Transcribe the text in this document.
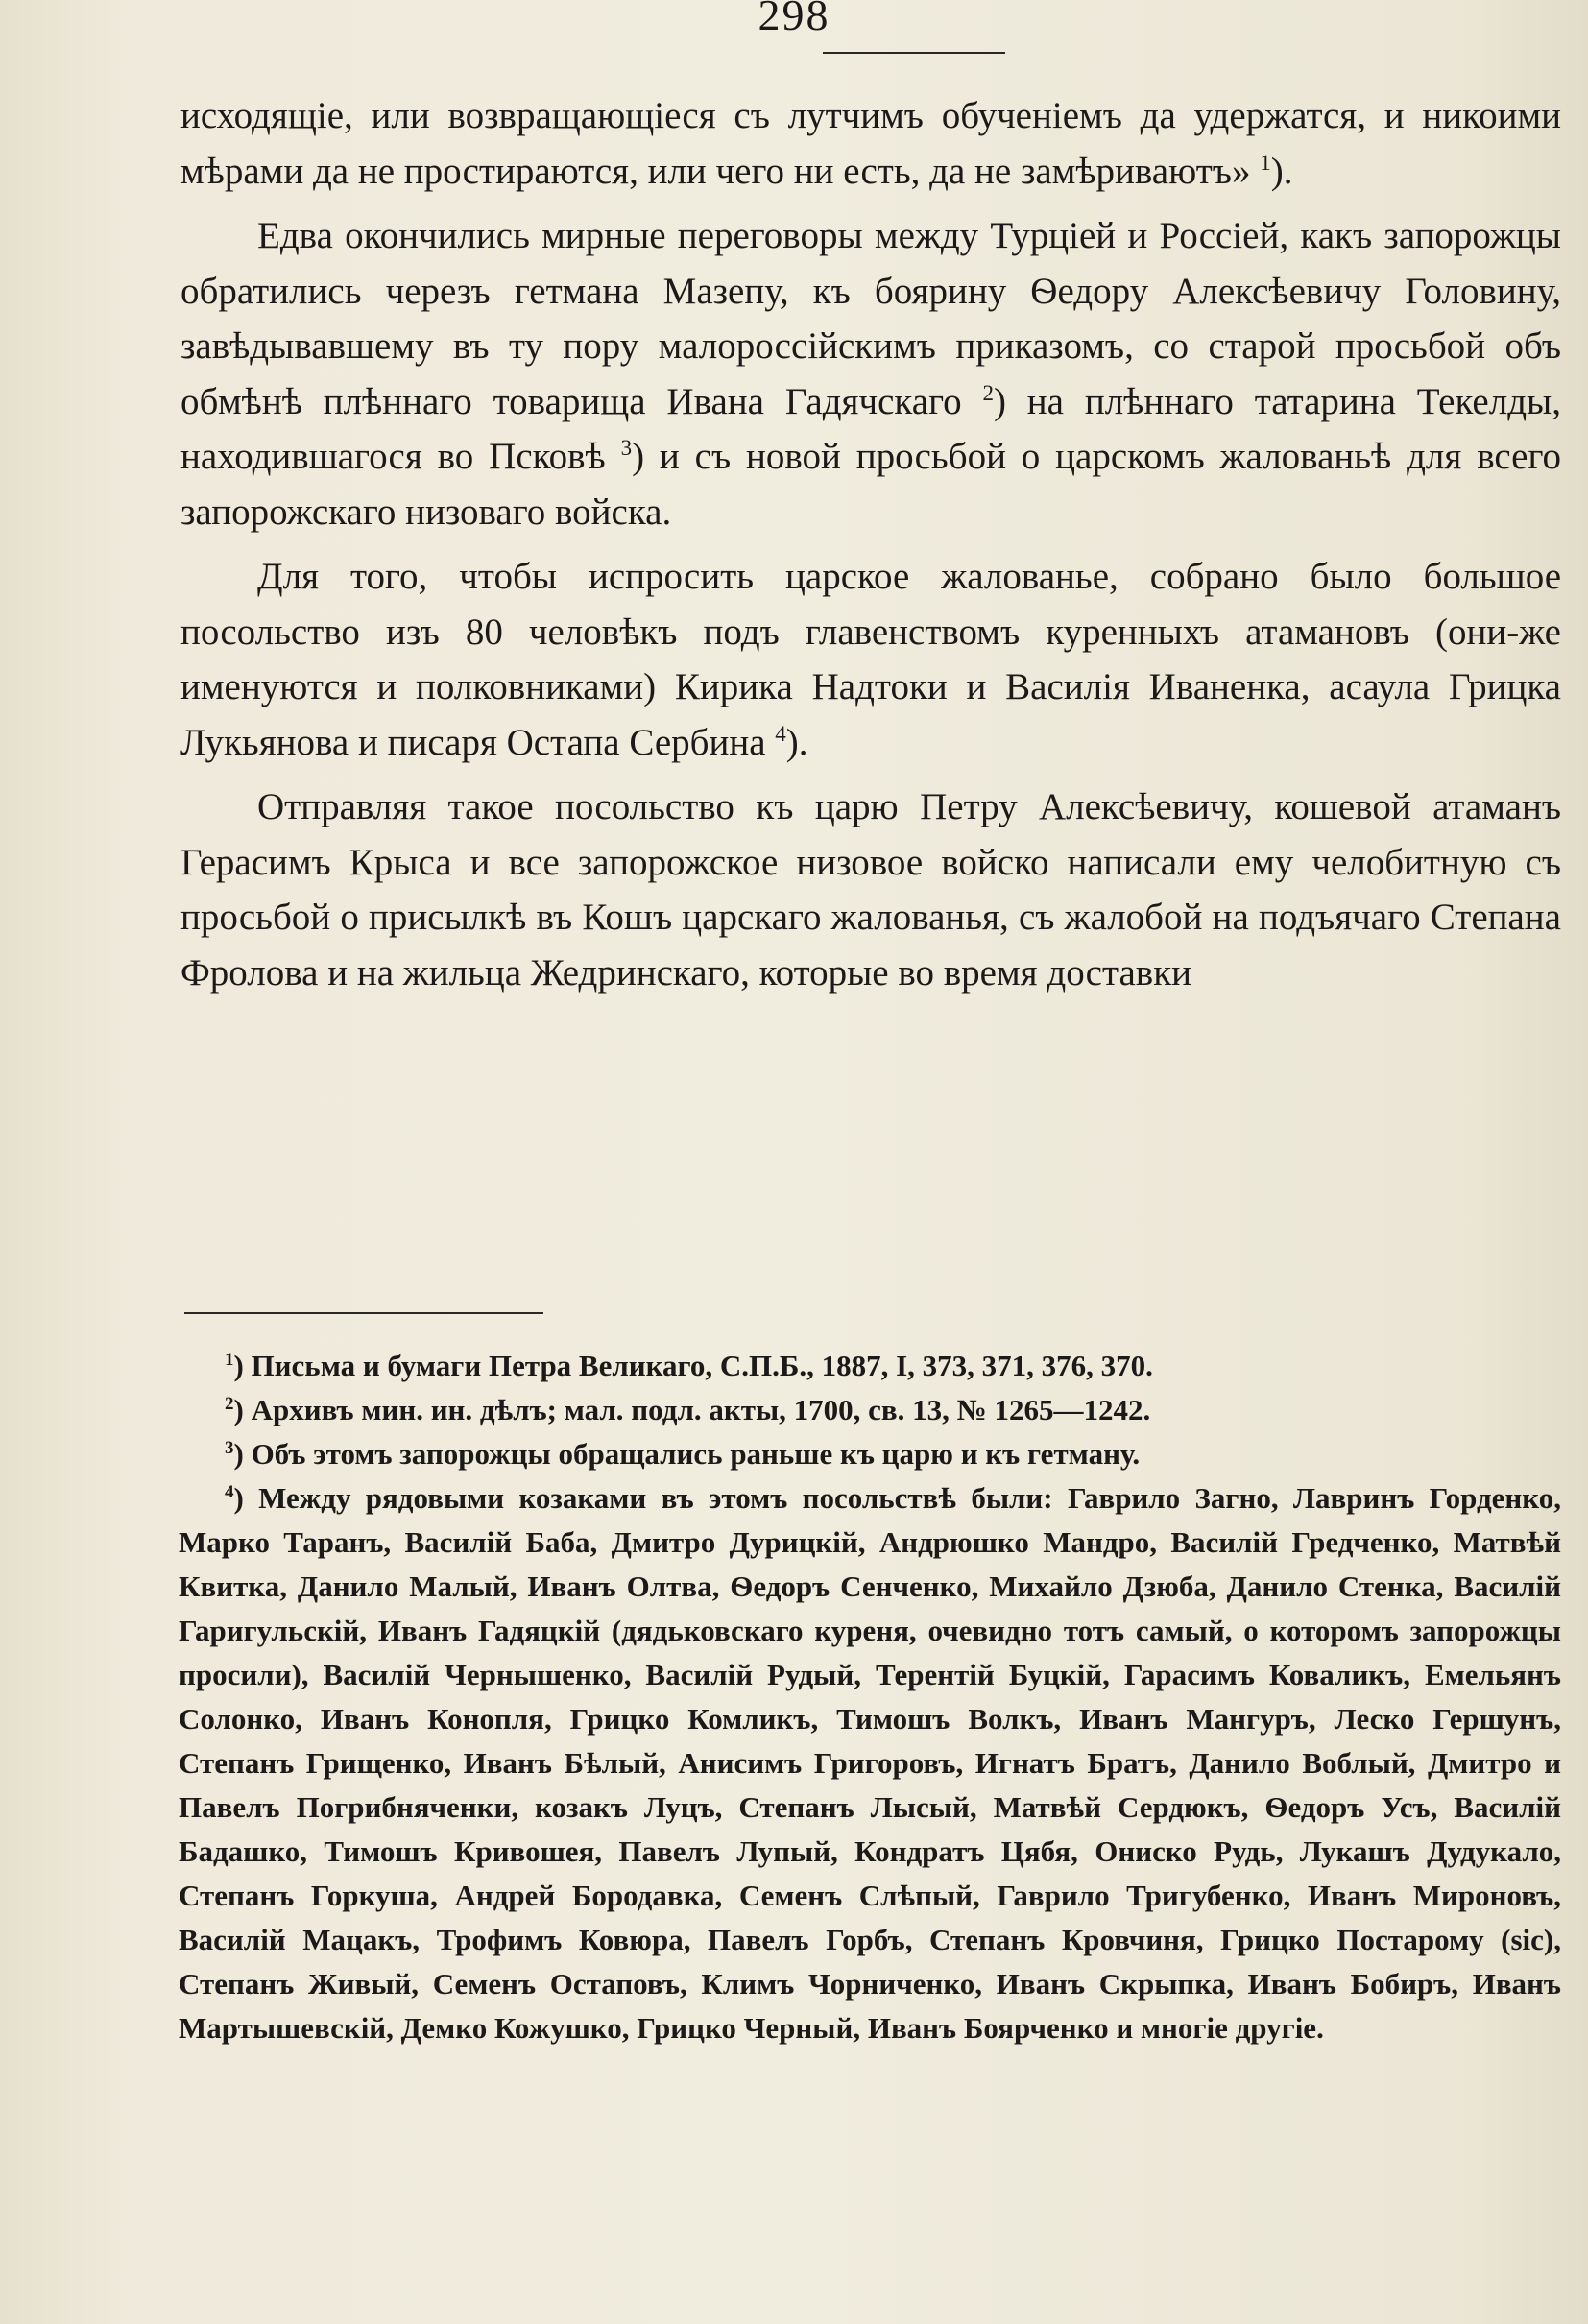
298

исходящіе, или возвращающіеся съ лутчимъ обученіемъ да удержатся, и никоими мѣрами да не простираются, или чего ни есть, да не замѣриваютъ» $^1$).

Едва окончились мирные переговоры между Турціей и Россіей, какъ запорожцы обратились черезъ гетмана Мазепу, къ боярину Ѳедору Алексѣевичу Головину, завѣдывавшему въ ту пору малороссійскимъ приказомъ, со старой просьбой объ обмѣнѣ плѣннаго товарища Ивана Гадячскаго $^2$) на плѣннаго татарина Текелды, находившагося во Псковѣ $^3$) и съ новой просьбой о царскомъ жалованьѣ для всего запорожскаго низоваго войска.

Для того, чтобы испросить царское жалованье, собрано было большое посольство изъ 80 человѣкъ подъ главенствомъ куренныхъ атамановъ (они-же именуются и полковниками) Кирика Надтоки и Василія Иваненка, асаула Грицка Лукьянова и писаря Остапа Сербина $^4$).

Отправляя такое посольство къ царю Петру Алексѣевичу, кошевой атаманъ Герасимъ Крыса и все запорожское низовое войско написали ему челобитную съ просьбой о присылкѣ въ Кошъ царскаго жалованья, съ жалобой на подъячаго Степана Фролова и на жильца Жедринскаго, которые во время доставки

$^1$) Письма и бумаги Петра Великаго, С.П.Б., 1887, I, 373, 371, 376, 370.

$^2$) Архивъ мин. ин. дѣлъ; мал. подл. акты, 1700, св. 13, № 1265—1242.

$^3$) Объ этомъ запорожцы обращались раньше къ царю и къ гетману.

$^4$) Между рядовыми козаками въ этомъ посольствѣ были: Гаврило Загно, Лавринъ Горденко, Марко Таранъ, Василій Баба, Дмитро Дурицкій, Андрюшко Мандро, Василій Гредченко, Матвѣй Квитка, Данило Малый, Иванъ Олтва, Ѳедоръ Сенченко, Михайло Дзюба, Данило Стенка, Василій Гаригульскій, Иванъ Гадяцкій (дядьковскаго куреня, очевидно тотъ самый, о которомъ запорожцы просили), Василій Чернышенко, Василій Рудый, Терентій Буцкій, Гарасимъ Коваликъ, Емельянъ Солонко, Иванъ Конопля, Грицко Комликъ, Тимошъ Волкъ, Иванъ Мангуръ, Леско Гершунъ, Степанъ Грищенко, Иванъ Бѣлый, Анисимъ Григоровъ, Игнатъ Братъ, Данило Воблый, Дмитро и Павелъ Погрибняченки, козакъ Луцъ, Степанъ Лысый, Матвѣй Сердюкъ, Ѳедоръ Усъ, Василій Бадашко, Тимошъ Кривошея, Павелъ Лупый, Кондратъ Цябя, Ониско Рудь, Лукашъ Дудукало, Степанъ Горкуша, Андрей Бородавка, Семенъ Слѣпый, Гаврило Тригубенко, Иванъ Мироновъ, Василій Мацакъ, Трофимъ Ковюра, Павелъ Горбъ, Степанъ Кровчиня, Грицко Постарому (sic), Степанъ Живый, Семенъ Остаповъ, Климъ Чорниченко, Иванъ Скрыпка, Иванъ Бобиръ, Иванъ Мартышевскій, Демко Кожушко, Грицко Черный, Иванъ Боярченко и многіе другіе.
